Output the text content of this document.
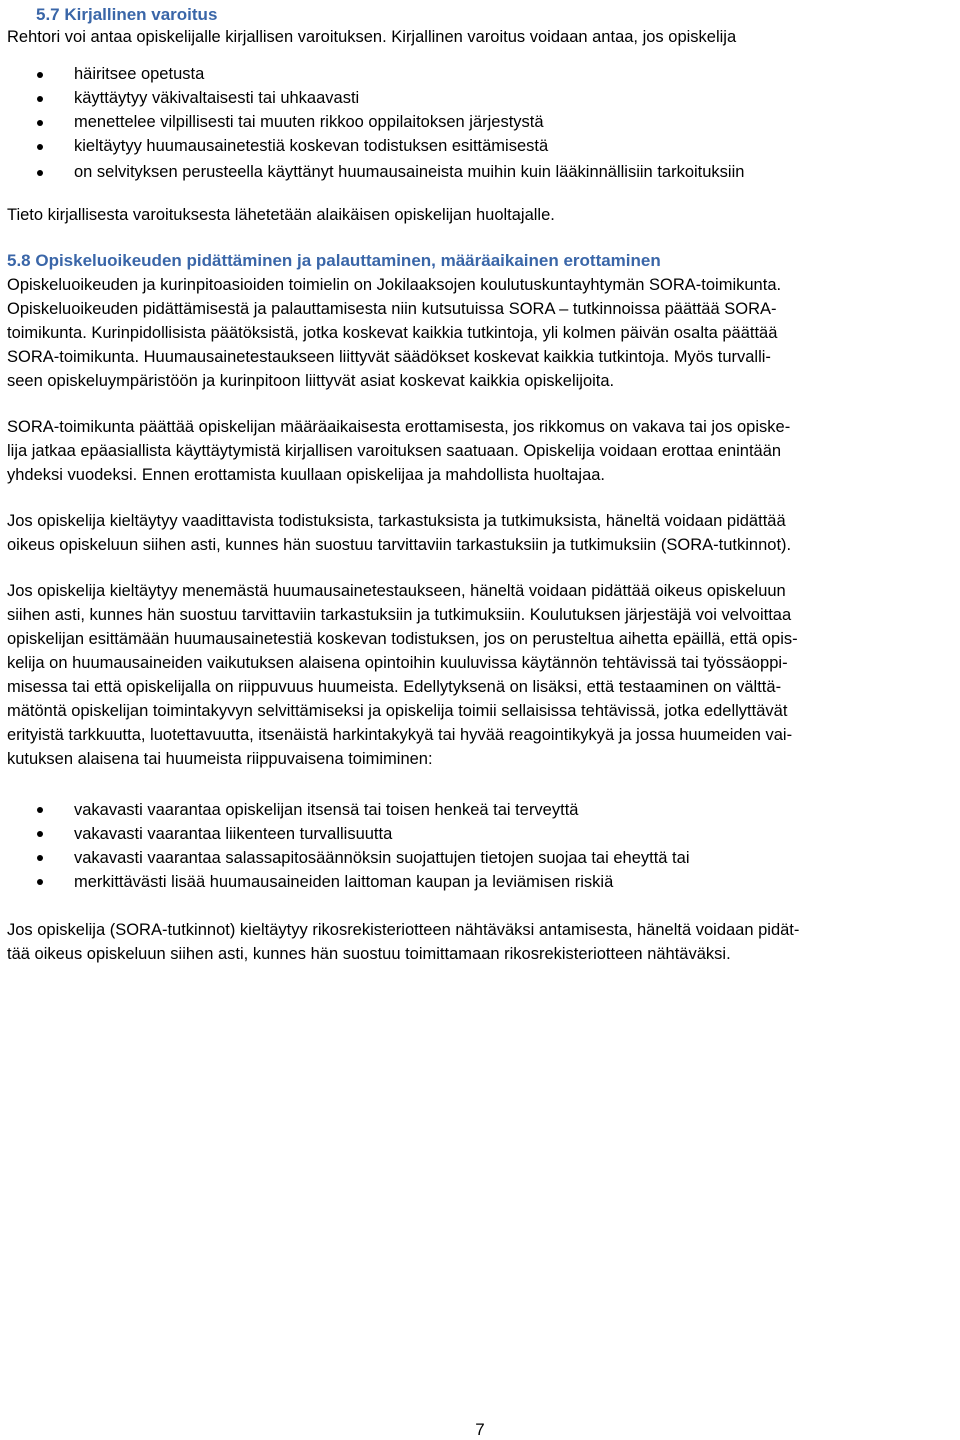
5.7 Kirjallinen varoitus

Rehtori voi antaa opiskelijalle kirjallisen varoituksen. Kirjallinen varoitus voidaan antaa, jos opiskelija

häiritsee opetusta
käyttäytyy väkivaltaisesti tai uhkaavasti
menettelee vilpillisesti tai muuten rikkoo oppilaitoksen järjestystä
kieltäytyy huumausainetestiä koskevan todistuksen esittämisestä
on selvityksen perusteella käyttänyt huumausaineista muihin kuin lääkinnällisiin tarkoituksiin

Tieto kirjallisesta varoituksesta lähetetään alaikäisen opiskelijan huoltajalle.

5.8 Opiskeluoikeuden pidättäminen ja palauttaminen, määräaikainen erottaminen
Opiskeluoikeuden ja kurinpitoasioiden toimielin on Jokilaaksojen koulutuskuntayhtymän SORA-toimikunta.
Opiskeluoikeuden pidättämisestä ja palauttamisesta niin kutsutuissa SORA – tutkinnoissa päättää SORA-
toimikunta. Kurinpidollisista päätöksistä, jotka koskevat kaikkia tutkintoja, yli kolmen päivän osalta päättää
SORA-toimikunta. Huumausainetestaukseen liittyvät säädökset koskevat kaikkia tutkintoja. Myös turvalli-
seen opiskeluympäristöön ja kurinpitoon liittyvät asiat koskevat kaikkia opiskelijoita.
SORA-toimikunta päättää opiskelijan määräaikaisesta erottamisesta, jos rikkomus on vakava tai jos opiske-
lija jatkaa epäasiallista käyttäytymistä kirjallisen varoituksen saatuaan. Opiskelija voidaan erottaa enintään
yhdeksi vuodeksi. Ennen erottamista kuullaan opiskelijaa ja mahdollista huoltajaa.
Jos opiskelija kieltäytyy vaadittavista todistuksista, tarkastuksista ja tutkimuksista, häneltä voidaan pidättää
oikeus opiskeluun siihen asti, kunnes hän suostuu tarvittaviin tarkastuksiin ja tutkimuksiin (SORA-tutkinnot).
Jos opiskelija kieltäytyy menemästä huumausainetestaukseen, häneltä voidaan pidättää oikeus opiskeluun
siihen asti, kunnes hän suostuu tarvittaviin tarkastuksiin ja tutkimuksiin. Koulutuksen järjestäjä voi velvoittaa
opiskelijan esittämään huumausainetestiä koskevan todistuksen, jos on perusteltua aihetta epäillä, että opis-
kelija on huumausaineiden vaikutuksen alaisena opintoihin kuuluvissa käytännön tehtävissä tai työssäoppi-
misessa tai että opiskelijalla on riippuvuus huumeista. Edellytyksenä on lisäksi, että testaaminen on välttä-
mätöntä opiskelijan toimintakyvyn selvittämiseksi ja opiskelija toimii sellaisissa tehtävissä, jotka edellyttävät
erityistä tarkkuutta, luotettavuutta, itsenäistä harkintakykyä tai hyvää reagointikykyä ja jossa huumeiden vai-
kutuksen alaisena tai huumeista riippuvaisena toimiminen:
vakavasti vaarantaa opiskelijan itsensä tai toisen henkeä tai terveyttä
vakavasti vaarantaa liikenteen turvallisuutta
vakavasti vaarantaa salassapitosäännöksin suojattujen tietojen suojaa tai eheyttä tai
merkittävästi lisää huumausaineiden laittoman kaupan ja leviämisen riskiä
Jos opiskelija (SORA-tutkinnot) kieltäytyy rikosrekisteriotteen nähtäväksi antamisesta, häneltä voidaan pidät-
tää oikeus opiskeluun siihen asti, kunnes hän suostuu toimittamaan rikosrekisteriotteen nähtäväksi.
7
